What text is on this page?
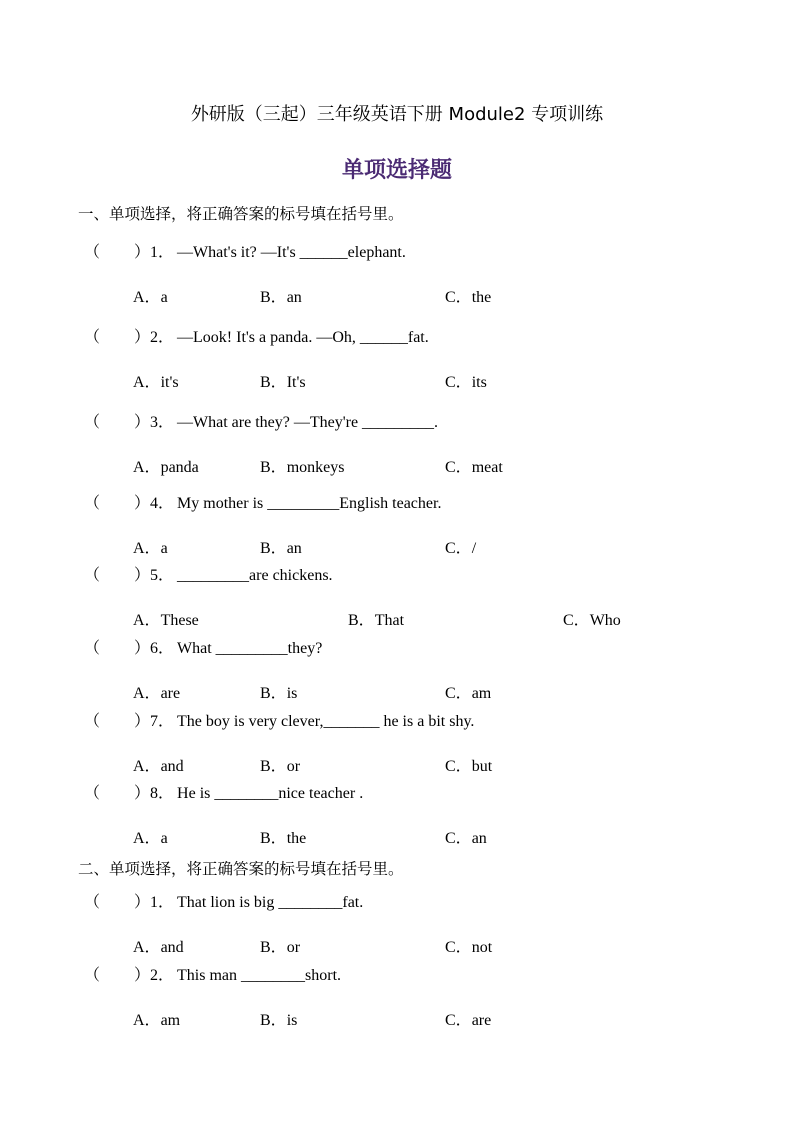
外研版（三起）三年级英语下册 Module2 专项训练
单项选择题
一、单项选择，将正确答案的标号填在括号里。
（ ）1． —What's it? —It's ______elephant.
A．a	B．an	C．the
（ ）2． —Look! It's a panda. —Oh, ______fat.
A．it's	B．It's	C．its
（ ）3． —What are they? —They're _________.
A．panda	B．monkeys	C．meat
（ ）4． My mother is _________English teacher.
A．a	B．an	C．/
（ ）5． _________are chickens.
A．These	B．That	C．Who
（ ）6． What _________they?
A．are	B．is	C．am
（ ）7． The boy is very clever,_______ he is a bit shy.
A．and	B．or	C．but
（ ）8． He is ________nice teacher .
A．a	B．the	C．an
二、单项选择，将正确答案的标号填在括号里。
（ ）1． That lion is big ________fat.
A．and	B．or	C．not
（ ）2． This man ________short.
A．am	B．is	C．are
